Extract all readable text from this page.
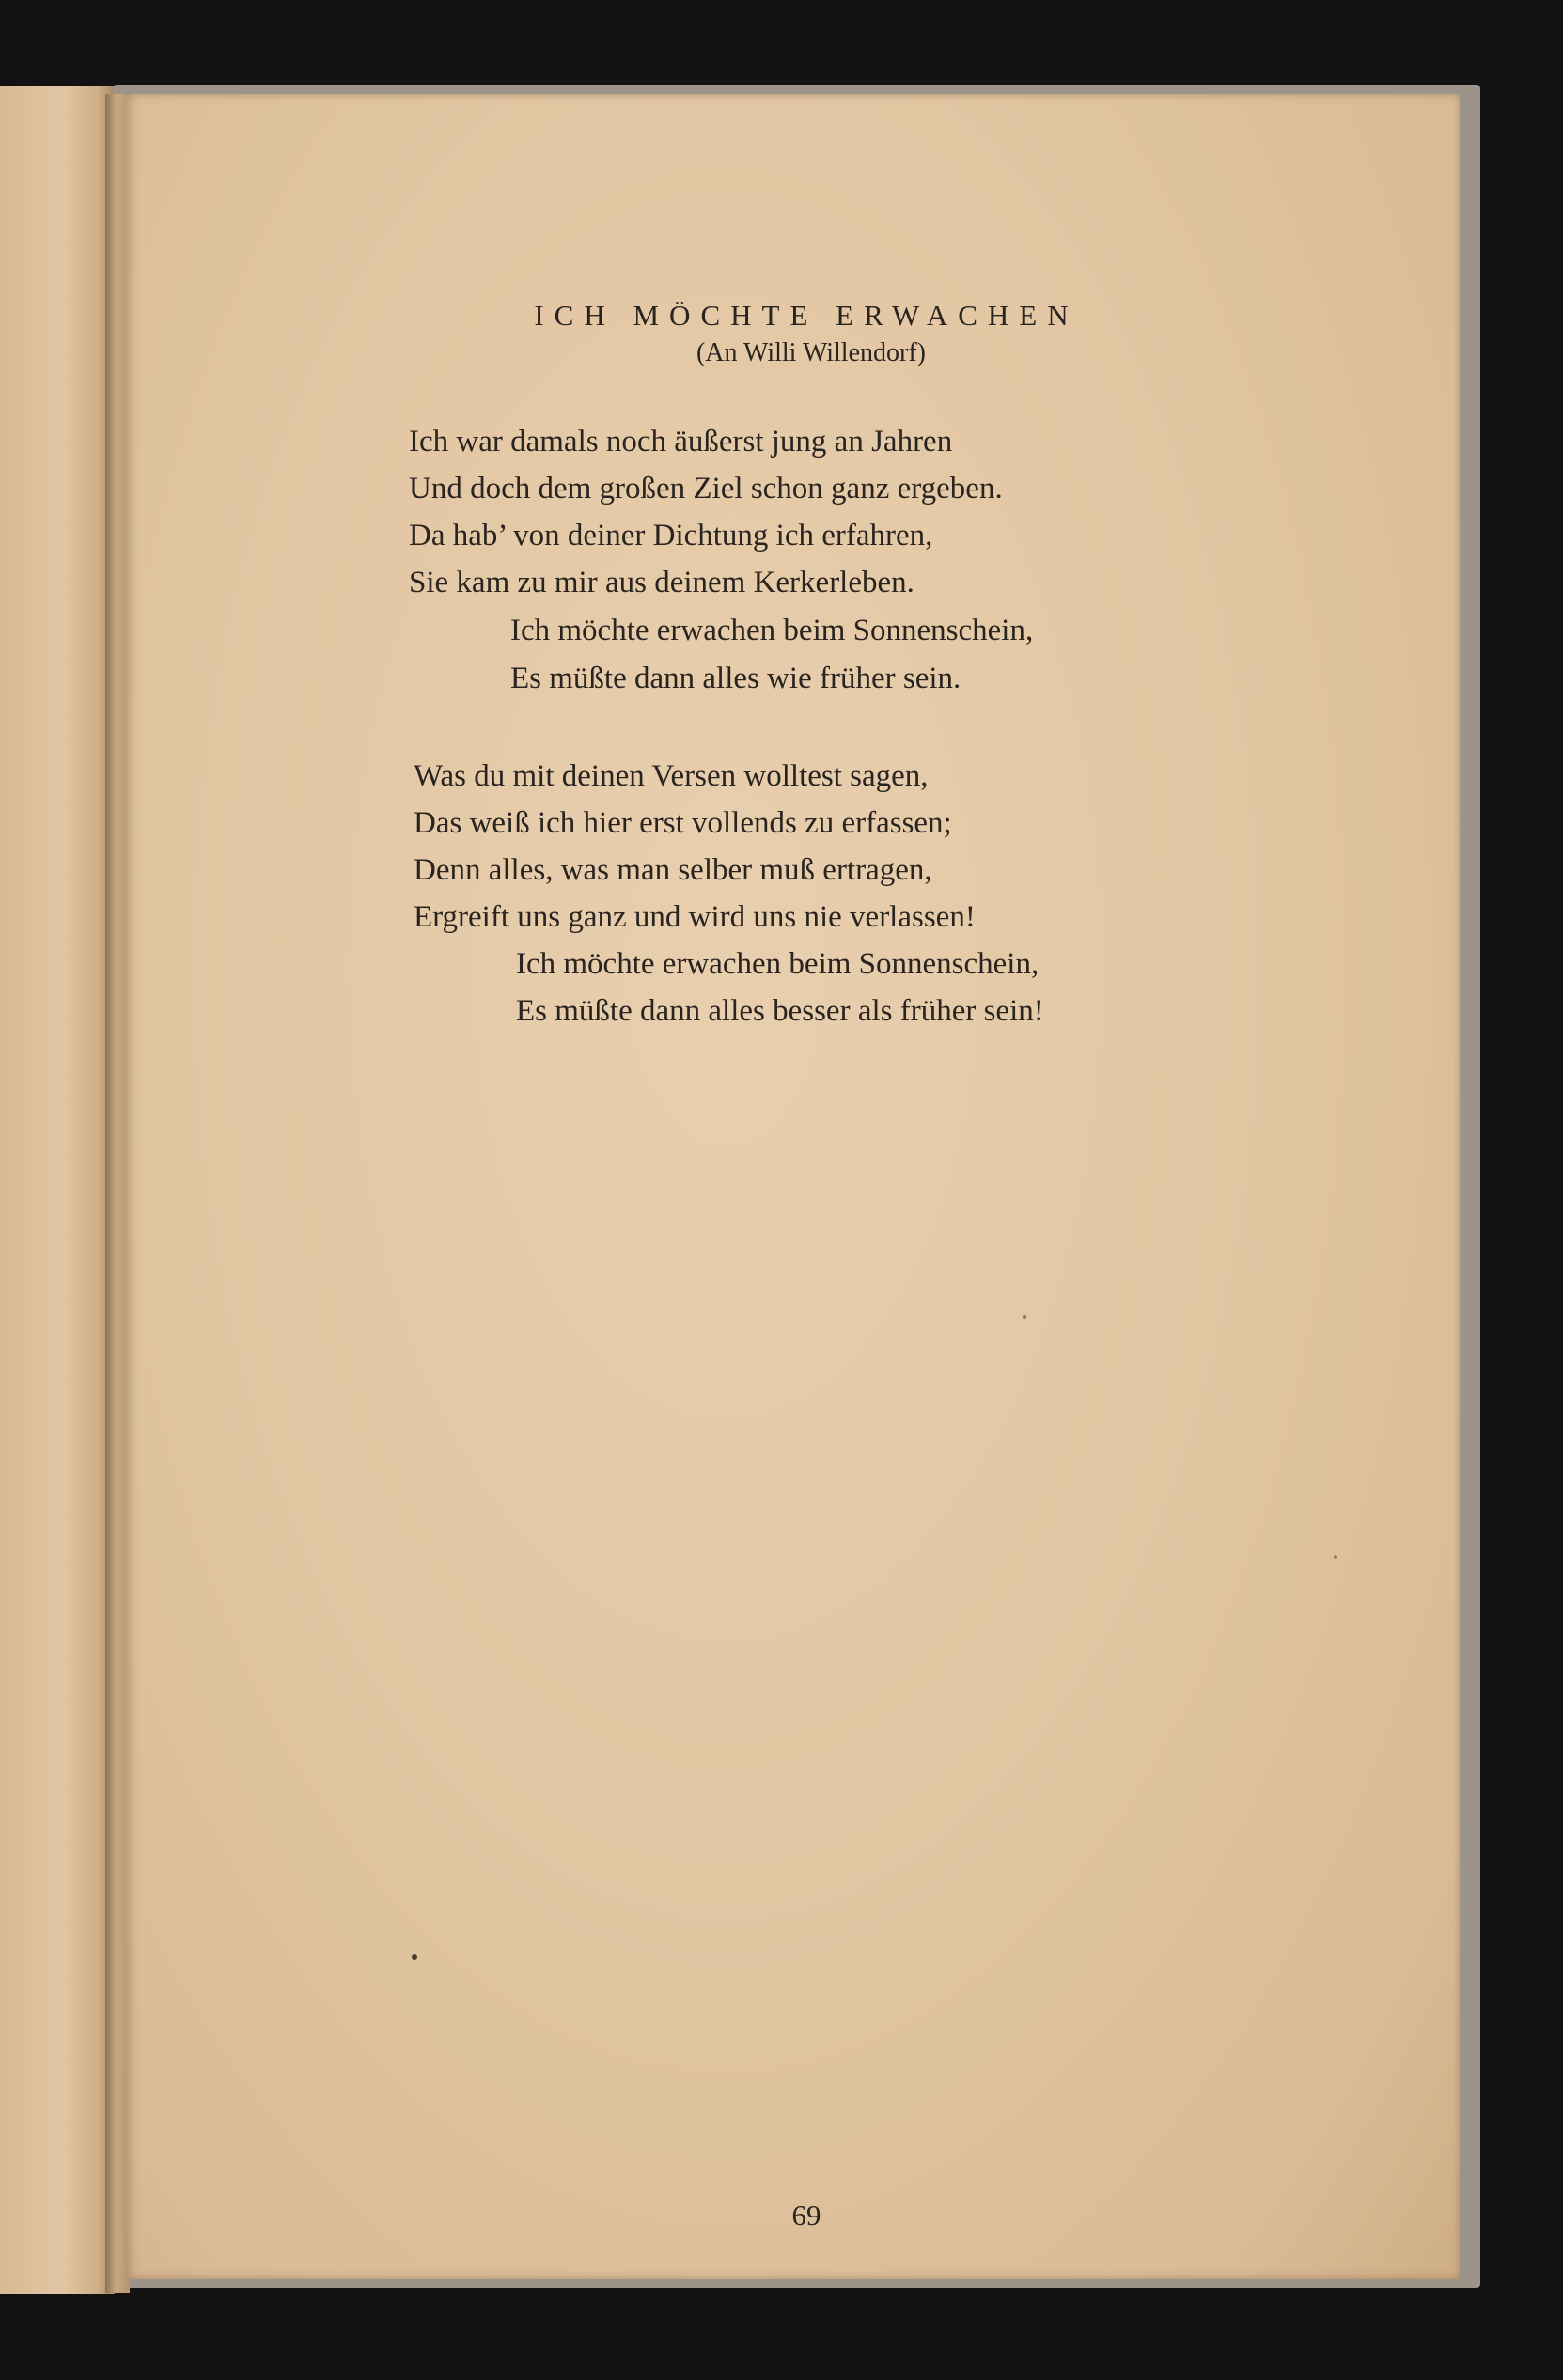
ICH MÖCHTE ERWACHEN
(An Willi Willendorf)
Ich war damals noch äußerst jung an Jahren
Und doch dem großen Ziel schon ganz ergeben.
Da hab’ von deiner Dichtung ich erfahren,
Sie kam zu mir aus deinem Kerkerleben.
Ich möchte erwachen beim Sonnenschein,
Es müßte dann alles wie früher sein.
Was du mit deinen Versen wolltest sagen,
Das weiß ich hier erst vollends zu erfassen;
Denn alles, was man selber muß ertragen,
Ergreift uns ganz und wird uns nie verlassen!
Ich möchte erwachen beim Sonnenschein,
Es müßte dann alles besser als früher sein!
69
